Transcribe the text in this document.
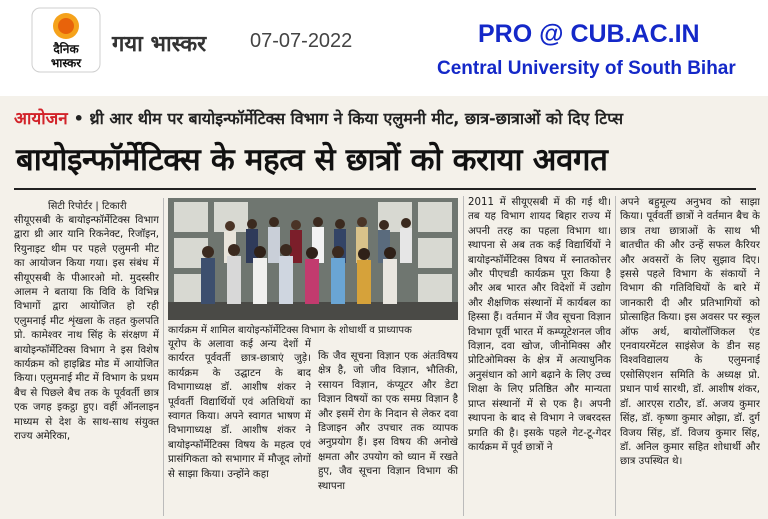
दैनिक
भास्कर
गया भास्कर 07-07-2022	PRO @ CUB.AC.IN
Central University of South Bihar
आयोजन • थ्री आर थीम पर बायोइन्फॉर्मेटिक्स विभाग ने किया एलुमनी मीट, छात्र-छात्राओं को दिए टिप्स
बायोइन्फॉर्मेटिक्स के महत्व से छात्रों को कराया अवगत
सिटी रिपोर्टर | टिकारी
सीयूएसबी के बायोइन्फॉर्मेटिक्स विभाग द्वारा थ्री आर यानि रिकनेक्ट, रिजॉइन, रियुनाइट थीम पर पहले एलुमनी मीट का आयोजन किया गया। इस संबंध में सीयूएसबी के पीआरओ मो. मुदस्सीर आलम ने बताया कि विवि के विभिन्न विभागों द्वारा आयोजित हो रही एलुमनाई मीट शृंखला के तहत कुलपति प्रो. कामेश्वर नाथ सिंह के संरक्षण में बायोइन्फॉर्मेटिक्स विभाग ने इस विशेष कार्यक्रम को हाइब्रिड मोड में आयोजित किया। एलुमनाई मीट में विभाग के प्रथम बैच से पिछले बैच तक के पूर्ववर्ती छात्र एक जगह इकट्ठा हुए। वहीं ऑनलाइन माध्यम से देश के साथ-साथ संयुक्त राज्य अमेरिका,
कार्यक्रम में शामिल बायोइन्फॉर्मेटिक्स विभाग के शोधार्थी व प्राध्यापक
यूरोप के अलावा कई अन्य देशों में कार्यरत पूर्ववर्ती छात्र-छात्राएं जुड़े। कार्यक्रम के उद्घाटन के बाद विभागाध्यक्ष डॉ. आशीष शंकर ने पूर्ववर्ती विद्यार्थियों एवं अतिथियों का स्वागत किया। अपने स्वागत भाषण में विभागाध्यक्ष डॉ. आशीष शंकर ने बायोइन्फॉर्मेटिक्स विषय के महत्व एवं प्रासंगिकता को सभागार में मौजूद लोगों से साझा किया। उन्होंने कहा
कि जैव सूचना विज्ञान एक अंतःविषय क्षेत्र है, जो जीव विज्ञान, भौतिकी, रसायन विज्ञान, कंप्यूटर और डेटा विज्ञान विषयों का एक समग्र विज्ञान है और इसमें रोग के निदान से लेकर दवा डिजाइन और उपचार तक व्यापक अनुप्रयोग हैं। इस विषय की अनोखे क्षमता और उपयोग को ध्यान में रखते हुए, जैव सूचना विज्ञान विभाग की स्थापना
2011 में सीयूएसबी में की गई थी। तब यह विभाग शायद बिहार राज्य में अपनी तरह का पहला विभाग था। स्थापना से अब तक कई विद्यार्थियों ने बायोइन्फॉर्मेटिक्स विषय में स्नातकोत्तर और पीएचडी कार्यक्रम पूरा किया है और अब भारत और विदेशों में उद्योग और शैक्षणिक संस्थानों में कार्यबल का हिस्सा हैं। वर्तमान में जैव सूचना विज्ञान विभाग पूर्वी भारत में कम्प्यूटेशनल जीव विज्ञान, दवा खोज, जीनोमिक्स और प्रोटिओमिक्स के क्षेत्र में अत्याधुनिक अनुसंधान को आगे बढ़ाने के लिए उच्च शिक्षा के लिए प्रतिष्ठित और मान्यता प्राप्त संस्थानों में से एक है। अपनी स्थापना के बाद से विभाग ने जबरदस्त प्रगति की है। इसके पहले गेट-टू-गेदर कार्यक्रम में पूर्व छात्रों ने
अपने बहुमूल्य अनुभव को साझा किया। पूर्ववर्ती छात्रों ने वर्तमान बैच के छात्र तथा छात्राओं के साथ भी बातचीत की और उन्हें सफल कैरियर और अवसरों के लिए सुझाव दिए। इससे पहले विभाग के संकायों ने विभाग की गतिविधियों के बारे में जानकारी दी और प्रतिभागियों को प्रोत्साहित किया। इस अवसर पर स्कूल ऑफ अर्थ, बायोलॉजिकल एंड एनवायरमेंटल साइंसेज के डीन सह विश्वविद्यालय के एलुमनाई एसोसिएशन समिति के अध्यक्ष प्रो. प्रधान पार्थ सारथी, डॉ. आशीष शंकर, डॉ. आरएस राठौर, डॉ. अजय कुमार सिंह, डॉ. कृष्णा कुमार ओझा, डॉ. दुर्ग विजय सिंह, डॉ. विजय कुमार सिंह, डॉ. अनिल कुमार सहित शोधार्थी और छात्र उपस्थित थे।
